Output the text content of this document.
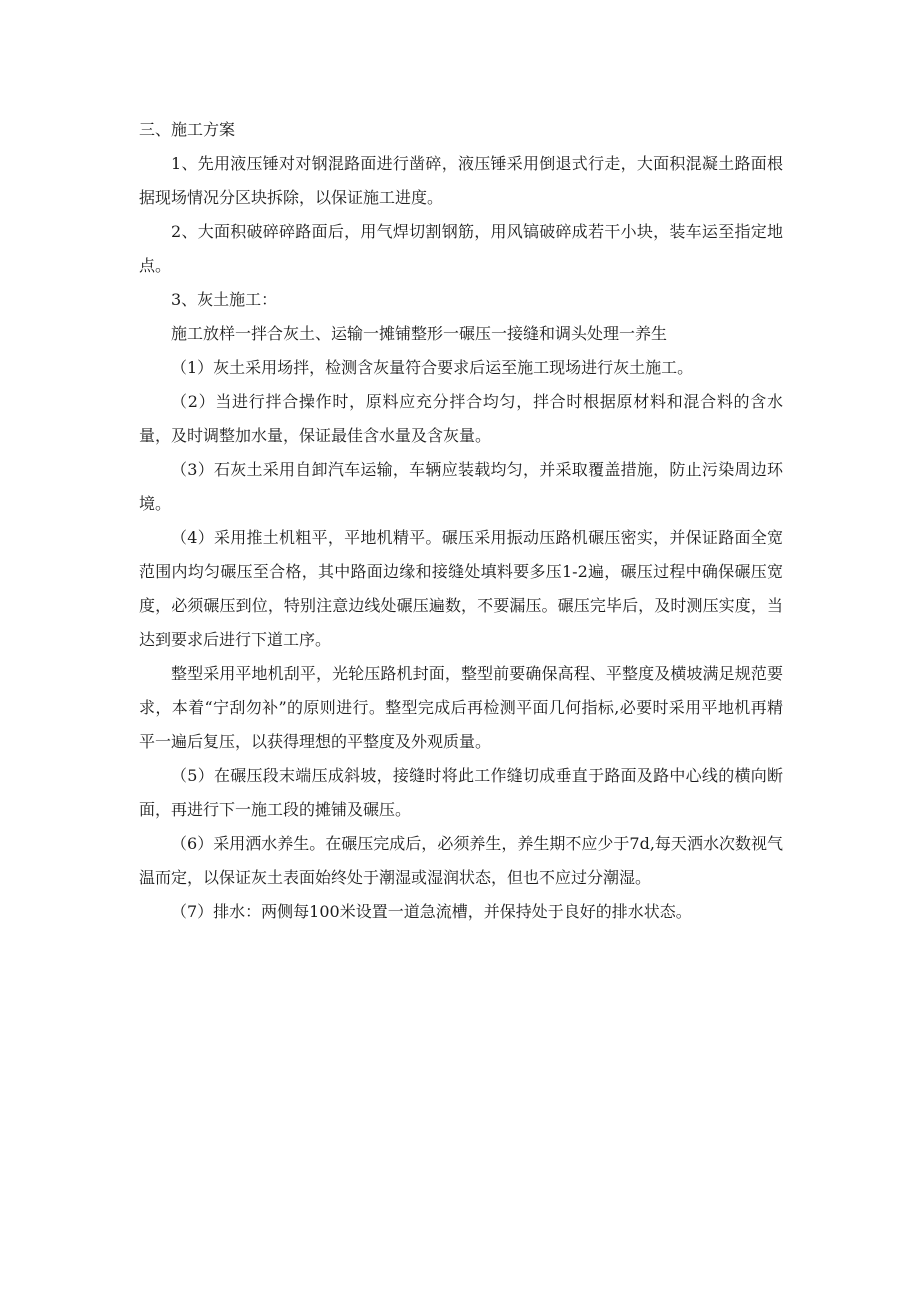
三、施工方案

1、先用液压锤对对钢混路面进行凿碎，液压锤采用倒退式行走，大面积混凝土路面根据现场情况分区块拆除，以保证施工进度。

2、大面积破碎碎路面后，用气焊切割钢筋，用风镐破碎成若干小块，装车运至指定地点。

3、灰土施工：

施工放样一拌合灰土、运输一摊铺整形一碾压一接缝和调头处理一养生

（1）灰土采用场拌，检测含灰量符合要求后运至施工现场进行灰土施工。

（2）当进行拌合操作时，原料应充分拌合均匀，拌合时根据原材料和混合料的含水量，及时调整加水量，保证最佳含水量及含灰量。

（3）石灰土采用自卸汽车运输，车辆应装载均匀，并采取覆盖措施，防止污染周边环境。

（4）采用推土机粗平，平地机精平。碾压采用振动压路机碾压密实，并保证路面全宽范围内均匀碾压至合格，其中路面边缘和接缝处填料要多压1-2遍，碾压过程中确保碾压宽度，必须碾压到位，特别注意边线处碾压遍数，不要漏压。碾压完毕后，及时测压实度，当达到要求后进行下道工序。

整型采用平地机刮平，光轮压路机封面，整型前要确保高程、平整度及横坡满足规范要求，本着“宁刮勿补”的原则进行。整型完成后再检测平面几何指标,必要时采用平地机再精平一遍后复压，以获得理想的平整度及外观质量。

（5）在碾压段末端压成斜坡，接缝时将此工作缝切成垂直于路面及路中心线的横向断面，再进行下一施工段的摊铺及碾压。

（6）采用洒水养生。在碾压完成后，必须养生，养生期不应少于7d,每天洒水次数视气温而定，以保证灰土表面始终处于潮湿或湿润状态，但也不应过分潮湿。

（7）排水：两侧每100米设置一道急流槽，并保持处于良好的排水状态。
